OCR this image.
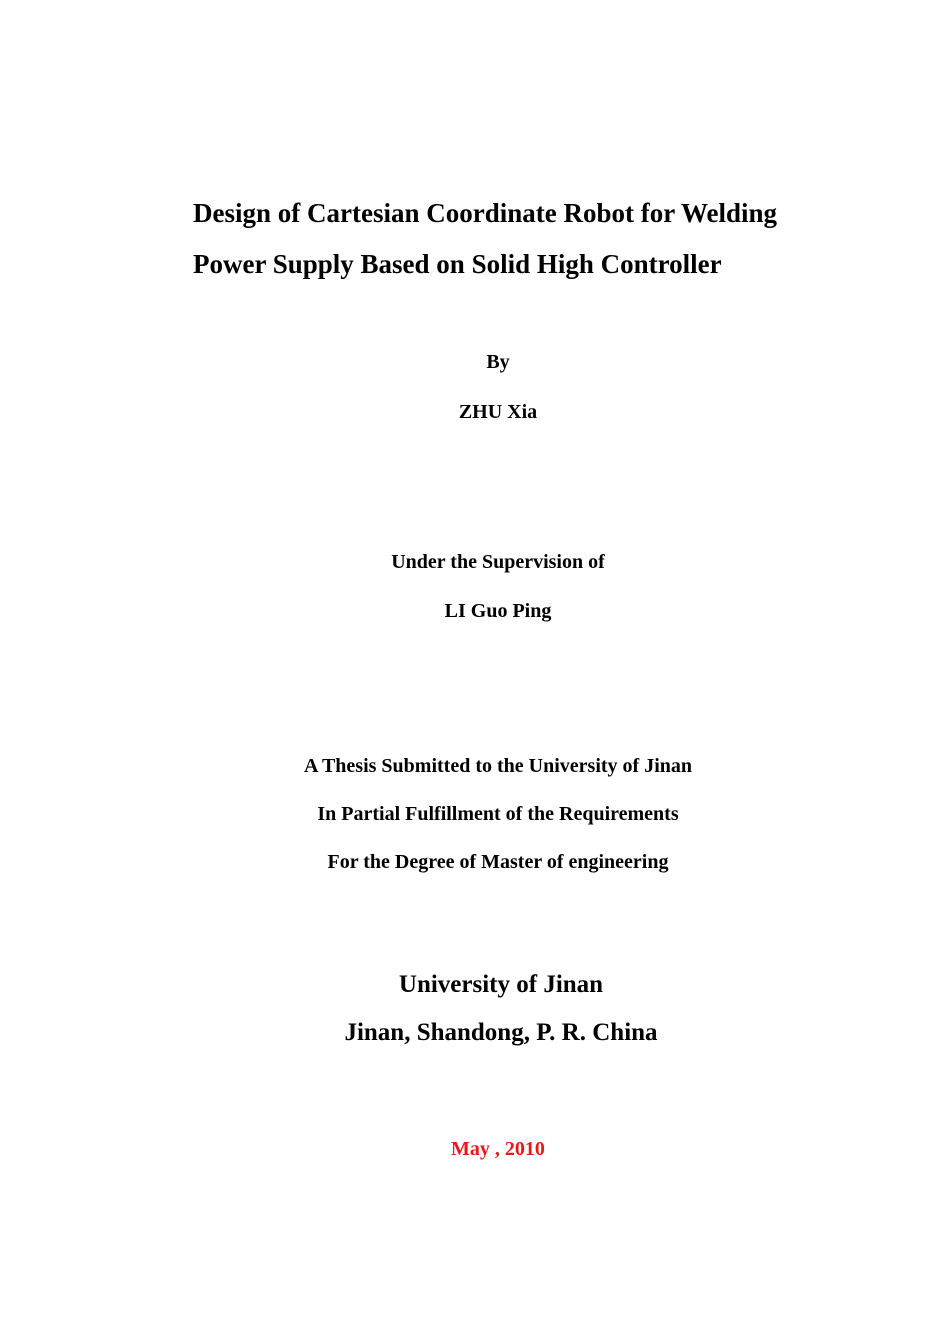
Design of Cartesian Coordinate Robot for Welding
Power Supply Based on Solid High Controller
By
ZHU Xia
Under the Supervision of
LI Guo Ping
A Thesis Submitted to the University of Jinan
In Partial Fulfillment of the Requirements
For the Degree of Master of engineering
University of Jinan
Jinan, Shandong, P. R. China
May , 2010
